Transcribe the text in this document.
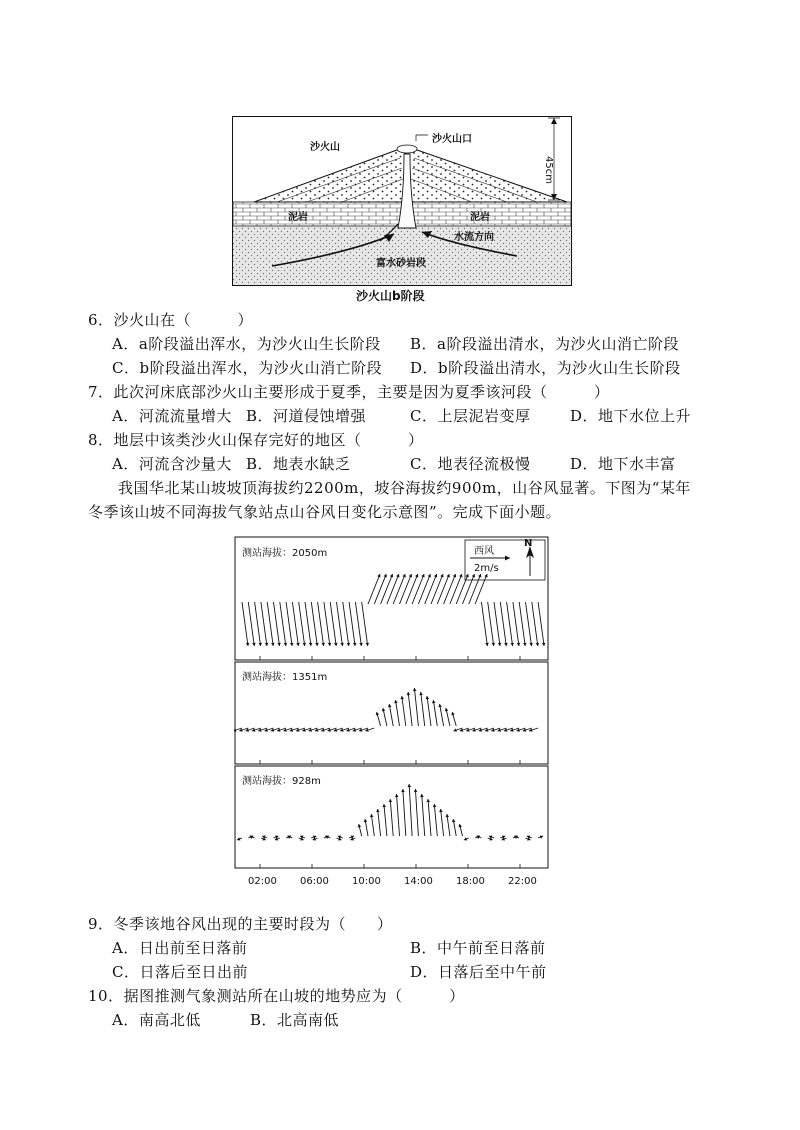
沙火山
沙火山口
泥岩	泥岩
水流方向
富水砂岩段
45cm
沙火山b阶段
6．沙火山在（　　　）
A．a阶段溢出浑水，为沙火山生长阶段 B．a阶段溢出清水，为沙火山消亡阶段
C．b阶段溢出浑水，为沙火山消亡阶段 D．b阶段溢出清水，为沙火山生长阶段
7．此次河床底部沙火山主要形成于夏季，主要是因为夏季该河段（　　　）
A．河流流量增大 B．河道侵蚀增强	C．上层泥岩变厚	D．地下水位上升
8．地层中该类沙火山保存完好的地区（　　　）
A．河流含沙量大 B．地表水缺乏	C．地表径流极慢	D．地下水丰富
我国华北某山坡坡顶海拔约2200m，坡谷海拔约900m，山谷风显著。下图为“某年
冬季该山坡不同海拔气象站点山谷风日变化示意图”。完成下面小题。
测站海拔：2050m
测站海拔：1351m
测站海拔：928m
西风
2m/s
N
02:00 06:00 10:00 14:00 18:00 22:00
9．冬季该地谷风出现的主要时段为（　　）
A．日出前至日落前	B．中午前至日落前
C．日落后至日出前	D．日落后至中午前
10．据图推测气象测站所在山坡的地势应为（　　　）
A．南高北低	B．北高南低
